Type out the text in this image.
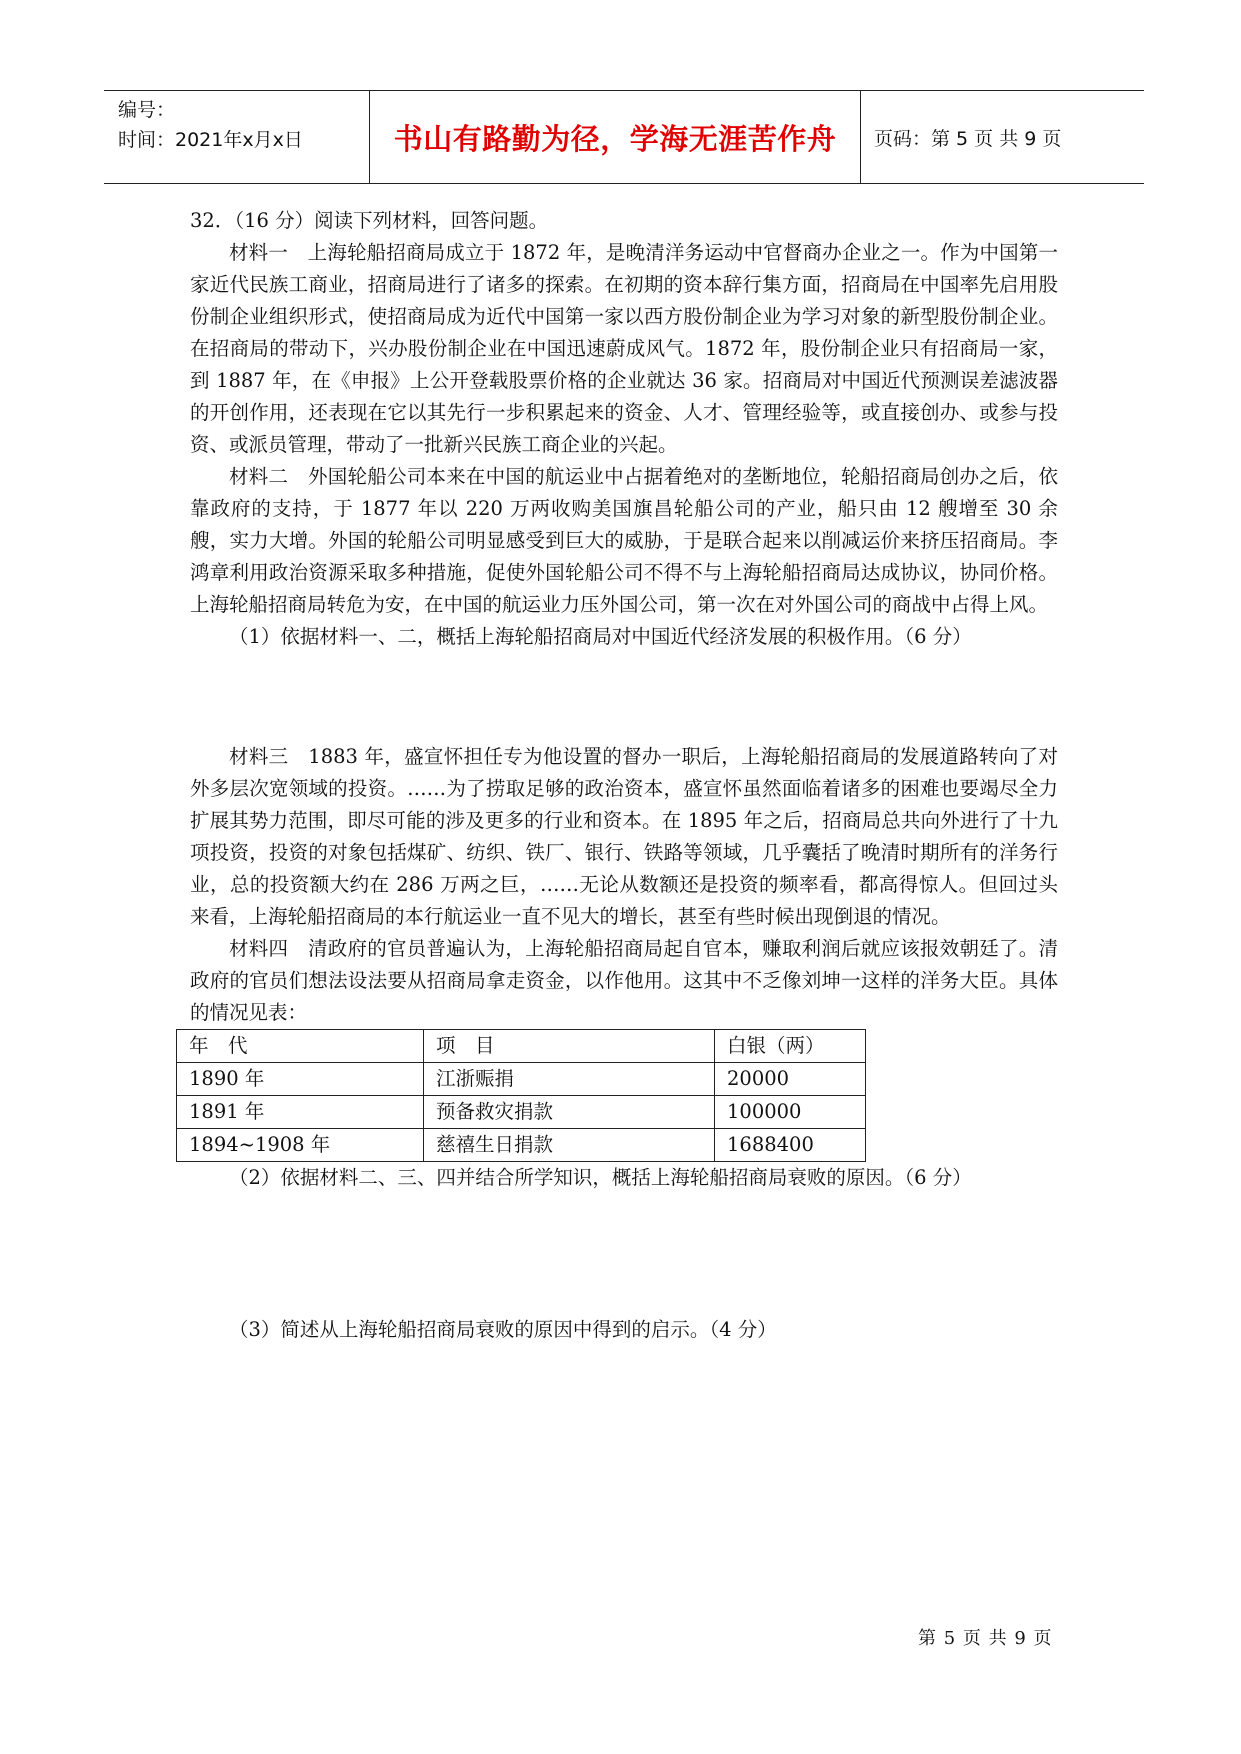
编号：
时间：2021年x月x日	书山有路勤为径，学海无涯苦作舟	页码：第 5 页 共 9 页

32．（16 分）阅读下列材料，回答问题。

材料一　上海轮船招商局成立于 1872 年，是晚清洋务运动中官督商办企业之一。作为中国第一家近代民族工商业，招商局进行了诸多的探索。在初期的资本辞行集方面，招商局在中国率先启用股份制企业组织形式，使招商局成为近代中国第一家以西方股份制企业为学习对象的新型股份制企业。在招商局的带动下，兴办股份制企业在中国迅速蔚成风气。1872 年，股份制企业只有招商局一家，到 1887 年，在《申报》上公开登载股票价格的企业就达 36 家。招商局对中国近代预测误差滤波器的开创作用，还表现在它以其先行一步积累起来的资金、人才、管理经验等，或直接创办、或参与投资、或派员管理，带动了一批新兴民族工商企业的兴起。

材料二　外国轮船公司本来在中国的航运业中占据着绝对的垄断地位，轮船招商局创办之后，依靠政府的支持，于 1877 年以 220 万两收购美国旗昌轮船公司的产业，船只由 12 艘增至 30 余艘，实力大增。外国的轮船公司明显感受到巨大的威胁，于是联合起来以削减运价来挤压招商局。李鸿章利用政治资源采取多种措施，促使外国轮船公司不得不与上海轮船招商局达成协议，协同价格。上海轮船招商局转危为安，在中国的航运业力压外国公司，第一次在对外国公司的商战中占得上风。

（1）依据材料一、二，概括上海轮船招商局对中国近代经济发展的积极作用。（6 分）

材料三　1883 年，盛宣怀担任专为他设置的督办一职后，上海轮船招商局的发展道路转向了对外多层次宽领域的投资。……为了捞取足够的政治资本，盛宣怀虽然面临着诸多的困难也要竭尽全力扩展其势力范围，即尽可能的涉及更多的行业和资本。在 1895 年之后，招商局总共向外进行了十九项投资，投资的对象包括煤矿、纺织、铁厂、银行、铁路等领域，几乎囊括了晚清时期所有的洋务行业，总的投资额大约在 286 万两之巨，……无论从数额还是投资的频率看，都高得惊人。但回过头来看，上海轮船招商局的本行航运业一直不见大的增长，甚至有些时候出现倒退的情况。

材料四　清政府的官员普遍认为，上海轮船招商局起自官本，赚取利润后就应该报效朝廷了。清政府的官员们想法设法要从招商局拿走资金，以作他用。这其中不乏像刘坤一这样的洋务大臣。具体的情况见表：

年　代	项　目	白银（两）
1890 年	江浙赈捐	20000
1891 年	预备救灾捐款	100000
1894~1908 年	慈禧生日捐款	1688400

（2）依据材料二、三、四并结合所学知识，概括上海轮船招商局衰败的原因。（6 分）

（3）简述从上海轮船招商局衰败的原因中得到的启示。（4 分）

第 5 页 共 9 页
